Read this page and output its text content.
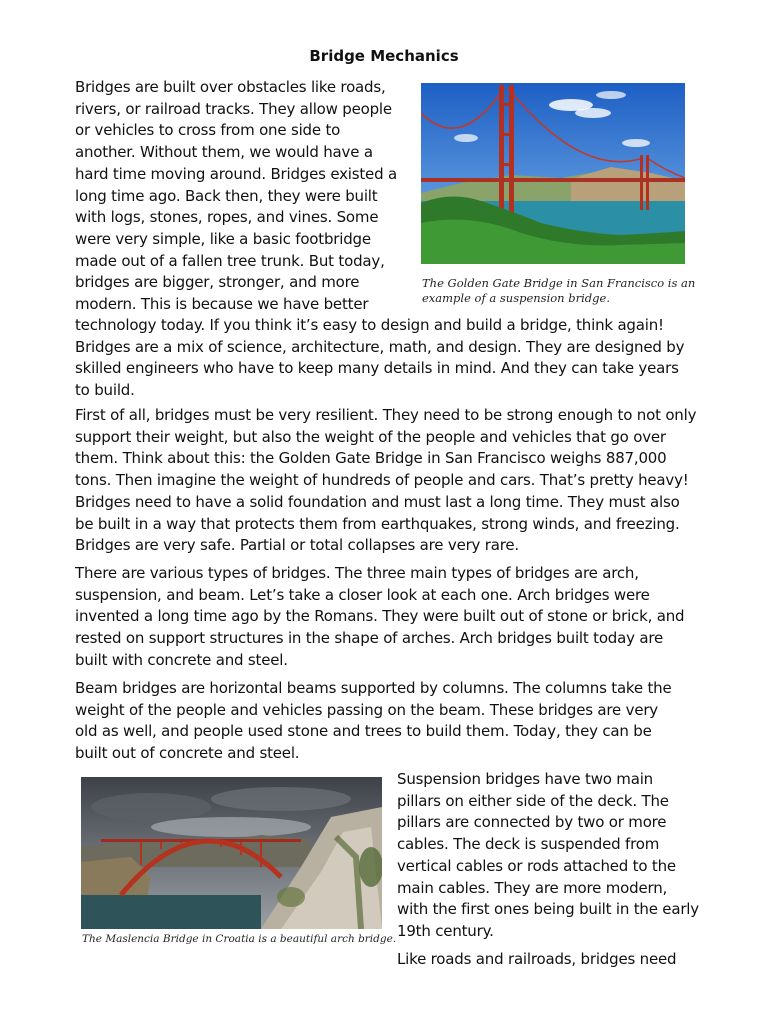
Bridge Mechanics
Bridges are built over obstacles like roads,
rivers, or railroad tracks. They allow people
or vehicles to cross from one side to
another. Without them, we would have a
hard time moving around. Bridges existed a
long time ago. Back then, they were built
with logs, stones, ropes, and vines. Some
were very simple, like a basic footbridge
made out of a fallen tree trunk. But today,
bridges are bigger, stronger, and more
modern. This is because we have better
technology today. If you think it’s easy to design and build a bridge, think again!
Bridges are a mix of science, architecture, math, and design. They are designed by
skilled engineers who have to keep many details in mind. And they can take years
to build.
The Golden Gate Bridge in San Francisco is an
example of a suspension bridge.
First of all, bridges must be very resilient. They need to be strong enough to not only
support their weight, but also the weight of the people and vehicles that go over
them. Think about this: the Golden Gate Bridge in San Francisco weighs 887,000
tons. Then imagine the weight of hundreds of people and cars. That’s pretty heavy!
Bridges need to have a solid foundation and must last a long time. They must also
be built in a way that protects them from earthquakes, strong winds, and freezing.
Bridges are very safe. Partial or total collapses are very rare.
There are various types of bridges. The three main types of bridges are arch,
suspension, and beam. Let’s take a closer look at each one. Arch bridges were
invented a long time ago by the Romans. They were built out of stone or brick, and
rested on support structures in the shape of arches. Arch bridges built today are
built with concrete and steel.
Beam bridges are horizontal beams supported by columns. The columns take the
weight of the people and vehicles passing on the beam. These bridges are very
old as well, and people used stone and trees to build them. Today, they can be
built out of concrete and steel.
The Maslencia Bridge in Croatia is a beautiful arch bridge.
Suspension bridges have two main
pillars on either side of the deck. The
pillars are connected by two or more
cables. The deck is suspended from
vertical cables or rods attached to the
main cables. They are more modern,
with the first ones being built in the early
19th century.
Like roads and railroads, bridges need
